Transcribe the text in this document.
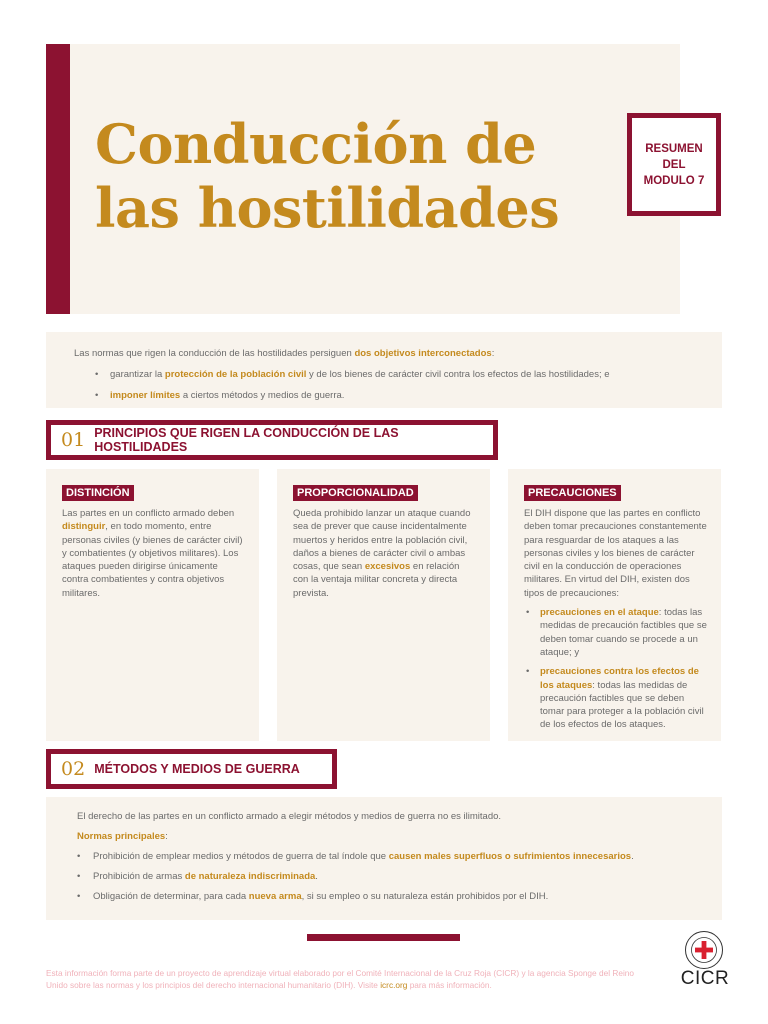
Conducción de
las hostilidades
RESUMEN
DEL
MODULO 7
Las normas que rigen la conducción de las hostilidades persiguen dos objetivos interconectados:
• garantizar la protección de la población civil y de los bienes de carácter civil contra los efectos de las hostilidades; e
• imponer límites a ciertos métodos y medios de guerra.
01 PRINCIPIOS QUE RIGEN LA CONDUCCIÓN DE LAS HOSTILIDADES
DISTINCIÓN
Las partes en un conflicto armado deben distinguir, en todo momento, entre personas civiles (y bienes de carácter civil) y combatientes (y objetivos militares). Los ataques pueden dirigirse únicamente contra combatientes y contra objetivos militares.
PROPORCIONALIDAD
Queda prohibido lanzar un ataque cuando sea de prever que cause incidentalmente muertos y heridos entre la población civil, daños a bienes de carácter civil o ambas cosas, que sean excesivos en relación con la ventaja militar concreta y directa prevista.
PRECAUCIONES
El DIH dispone que las partes en conflicto deben tomar precauciones constantemente para resguardar de los ataques a las personas civiles y los bienes de carácter civil en la conducción de operaciones militares. En virtud del DIH, existen dos tipos de precauciones:
• precauciones en el ataque: todas las medidas de precaución factibles que se deben tomar cuando se procede a un ataque; y
• precauciones contra los efectos de los ataques: todas las medidas de precaución factibles que se deben tomar para proteger a la población civil de los efectos de los ataques.
02 MÉTODOS Y MEDIOS DE GUERRA
El derecho de las partes en un conflicto armado a elegir métodos y medios de guerra no es ilimitado.
Normas principales:
• Prohibición de emplear medios y métodos de guerra de tal índole que causen males superfluos o sufrimientos innecesarios.
• Prohibición de armas de naturaleza indiscriminada.
• Obligación de determinar, para cada nueva arma, si su empleo o su naturaleza están prohibidos por el DIH.
Esta información forma parte de un proyecto de aprendizaje virtual elaborado por el Comité Internacional de la Cruz Roja (CICR) y la agencia Sponge del Reino Unido sobre las normas y los principios del derecho internacional humanitario (DIH). Visite icrc.org para más información.	CICR
